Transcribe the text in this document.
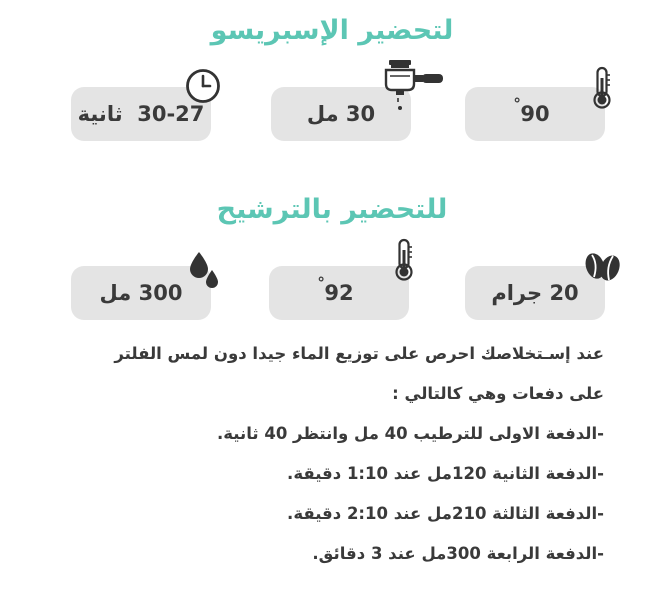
لتحضير الإسبريسو
90
°
30 مل
30-27  ثانية
للتحضير بالترشيح
20 جرام
92
°
300 مل
عند إسـتخلاصك احرص على توزيع الماء جيدا دون لمس الفلتر
على دفعات وهي كالتالي :
-الدفعة الاولى للترطيب 40 مل وانتظر 40 ثانية.
-الدفعة الثانية 120مل عند 1:10 دقيقة.
-الدفعة الثالثة 210مل عند 2:10 دقيقة.
-الدفعة الرابعة 300مل عند 3 دقائق.
